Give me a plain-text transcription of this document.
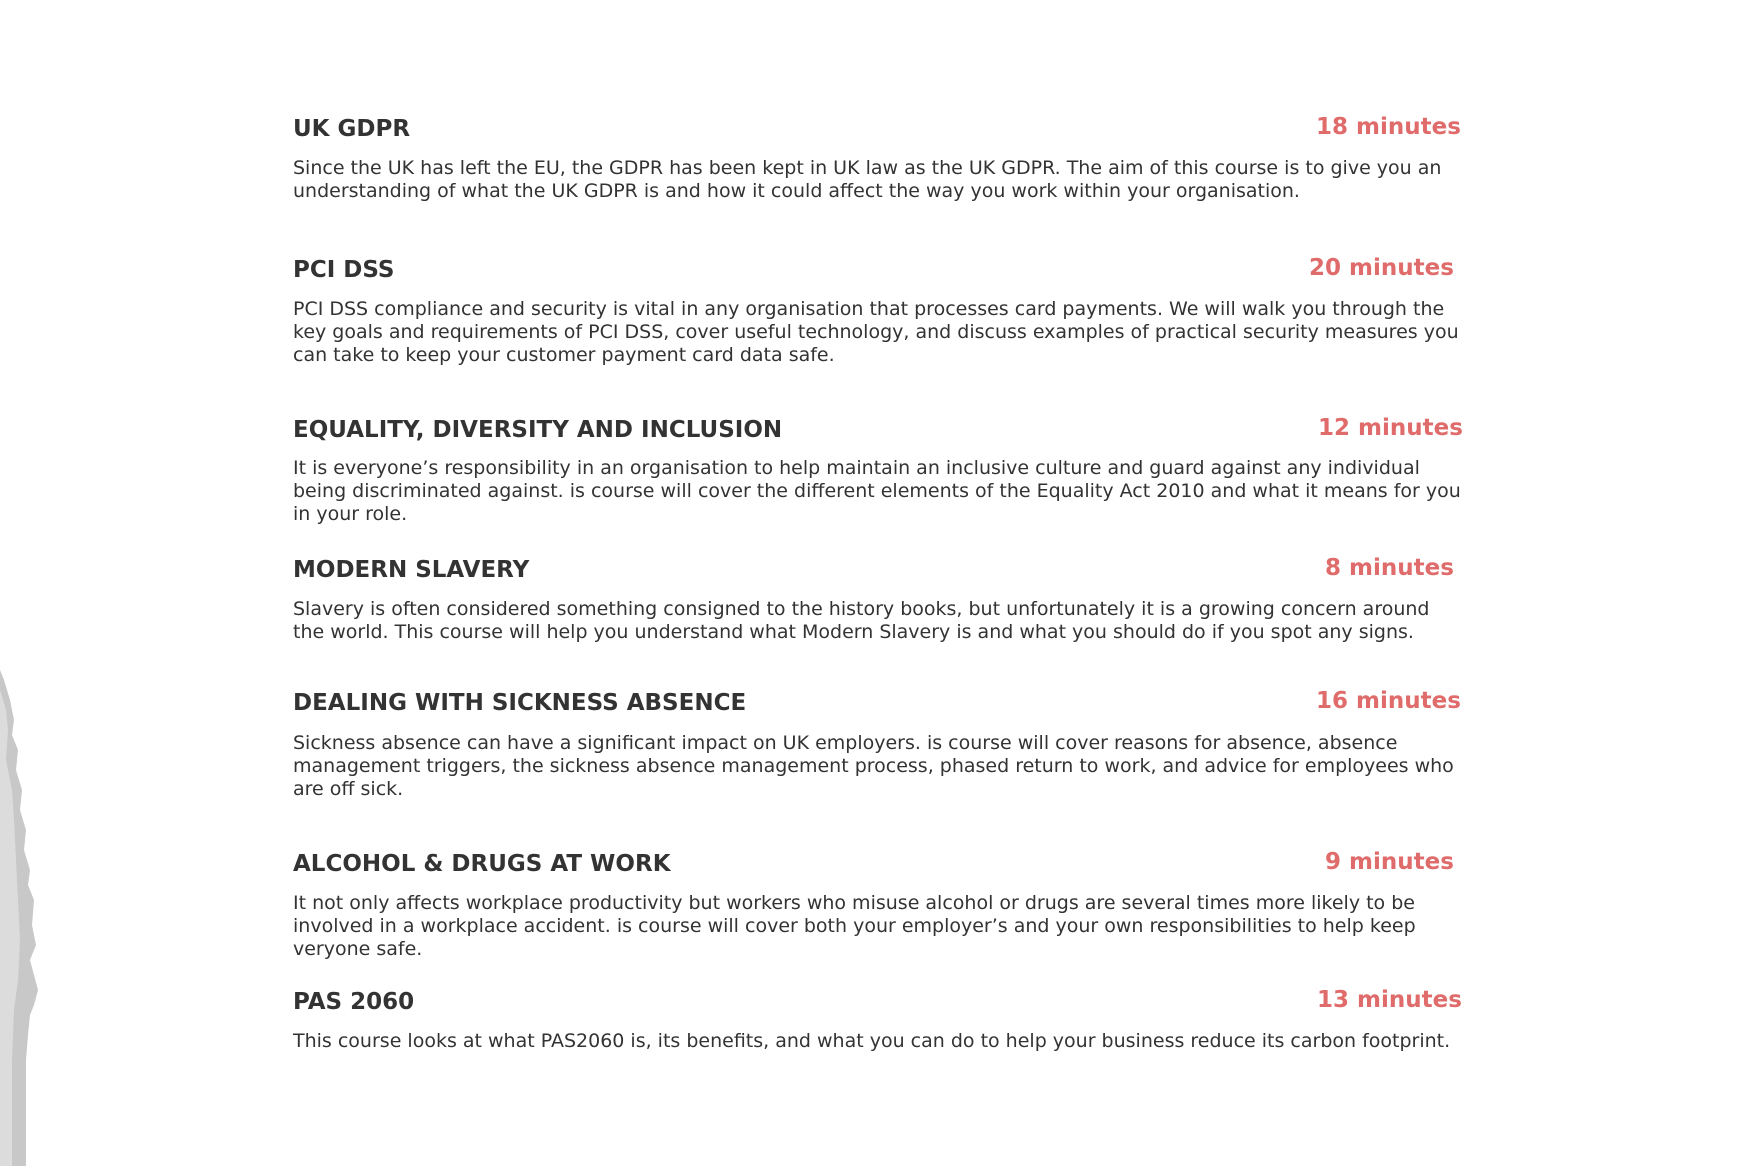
UK GDPR	18 minutes

Since the UK has left the EU, the GDPR has been kept in UK law as the UK GDPR. The aim of this course is to give you an understanding of what the UK GDPR is and how it could affect the way you work within your organisation.

PCI DSS	20 minutes

PCI DSS compliance and security is vital in any organisation that processes card payments. We will walk you through the key goals and requirements of PCI DSS, cover useful technology, and discuss examples of practical security measures you can take to keep your customer payment card data safe.

EQUALITY, DIVERSITY AND INCLUSION	12 minutes

It is everyone’s responsibility in an organisation to help maintain an inclusive culture and guard against any individual being discriminated against. is course will cover the different elements of the Equality Act 2010 and what it means for you in your role.

MODERN SLAVERY	8 minutes

Slavery is often considered something consigned to the history books, but unfortunately it is a growing concern around the world. This course will help you understand what Modern Slavery is and what you should do if you spot any signs.

DEALING WITH SICKNESS ABSENCE	16 minutes

Sickness absence can have a significant impact on UK employers. is course will cover reasons for absence, absence management triggers, the sickness absence management process, phased return to work, and advice for employees who are off sick.

ALCOHOL & DRUGS AT WORK	9 minutes

It not only affects workplace productivity but workers who misuse alcohol or drugs are several times more likely to be involved in a workplace accident. is course will cover both your employer’s and your own responsibilities to help keep veryone safe.

PAS 2060	13 minutes

This course looks at what PAS2060 is, its benefits, and what you can do to help your business reduce its carbon footprint.
